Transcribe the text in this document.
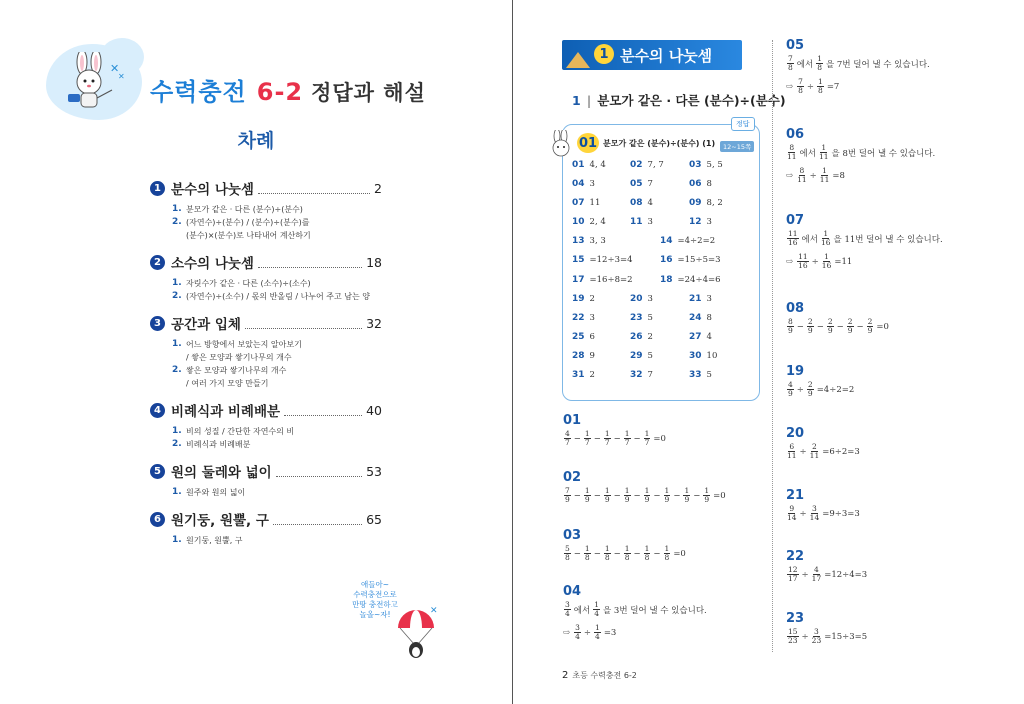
✕
✕
수력충전 6-2 정답과 해설
차례
1 분수의 나눗셈	2
1. 분모가 같은 · 다른 (분수)÷(분수)
2. (자연수)÷(분수) / (분수)÷(분수)를
(분수)×(분수)로 나타내어 계산하기
2 소수의 나눗셈	18
1. 자릿수가 같은 · 다른 (소수)÷(소수)
2. (자연수)÷(소수) / 몫의 반올림 / 나누어 주고 남는 양
3 공간과 입체	32
1. 어느 방향에서 보았는지 알아보기
/ 쌓은 모양과 쌓기나무의 개수
2. 쌓은 모양과 쌓기나무의 개수
/ 여러 가지 모양 만들기
4 비례식과 비례배분	40
1. 비의 성질 / 간단한 자연수의 비
2. 비례식과 비례배분
5 원의 둘레와 넓이	53
1. 원주와 원의 넓이
6 원기둥, 원뿔, 구	65
1. 원기둥, 원뿔, 구
애들아~
수력충전으로
만땅 충전하고
놀올~자!	✕
1 분수의 나눗셈
1 | 분모가 같은 · 다른 (분수)÷(분수)
정답
01 분모가 같은 (분수)÷(분수) (1)	12~15쪽
01 4, 4	02 7, 7	03 5, 5
04 3	05 7	06 8
07 11	08 4	09 8, 2
10 2, 4	11 3	12 3
13 3, 3	14 =4÷2=2
15 =12÷3=4	16 =15÷5=3
17 =16÷8=2	18 =24÷4=6
19 2	20 3	21 3
22 3	23 5	24 8
25 6	26 2	27 4
28 9	29 5	30 10
31 2	32 7	33 5
01
$\frac{4}{7} - \frac{1}{7} - \frac{1}{7} - \frac{1}{7} - \frac{1}{7} =0$
02
$\frac{7}{9} - \frac{1}{9} - \frac{1}{9} - \frac{1}{9} - \frac{1}{9} - \frac{1}{9} - \frac{1}{9} - \frac{1}{9} =0$
03
$\frac{5}{8} - \frac{1}{8} - \frac{1}{8} - \frac{1}{8} - \frac{1}{8} - \frac{1}{8} =0$
04
$\frac{3}{4}$ 에서 $\frac{1}{4}$ 을 3번 덜어 낼 수 있습니다.
⇨ $\frac{3}{4} \div \frac{1}{4} =3$
05
$\frac{7}{8}$ 에서 $\frac{1}{8}$ 을 7번 덜어 낼 수 있습니다.
⇨ $\frac{7}{8} \div \frac{1}{8} =7$
06
$\frac{8}{11}$ 에서 $\frac{1}{11}$ 을 8번 덜어 낼 수 있습니다.
⇨ $\frac{8}{11} \div \frac{1}{11} =8$
07
$\frac{11}{16}$ 에서 $\frac{1}{16}$ 을 11번 덜어 낼 수 있습니다.
⇨ $\frac{11}{16} \div \frac{1}{16} =11$
08
$\frac{8}{9} - \frac{2}{9} - \frac{2}{9} - \frac{2}{9} - \frac{2}{9} =0$
19
$\frac{4}{9} \div \frac{2}{9} =4\div 2=2$
20
$\frac{6}{11} \div \frac{2}{11} =6\div 2=3$
21
$\frac{9}{14} \div \frac{3}{14} =9\div 3=3$
22
$\frac{12}{17} \div \frac{4}{17} =12\div 4=3$
23
$\frac{15}{23} \div \frac{3}{23} =15\div 3=5$
2 초등 수력충전 6-2
